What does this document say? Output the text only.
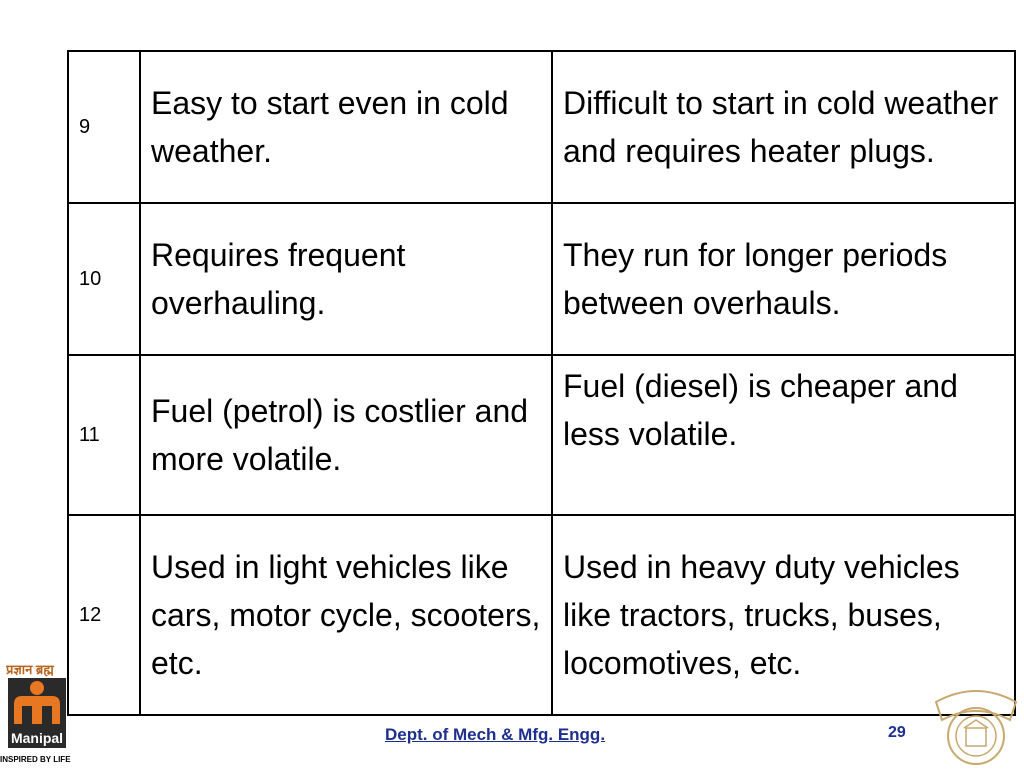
9	Easy to start even in cold weather.	Difficult to start in cold weather and requires heater plugs.
10	Requires frequent overhauling.	They run for longer periods between overhauls.
11	Fuel (petrol) is costlier and more volatile.	Fuel (diesel) is cheaper and less volatile.
12	Used in light vehicles like cars, motor cycle, scooters, etc.	Used in heavy duty vehicles like tractors, trucks, buses, locomotives, etc.
Dept. of Mech & Mfg. Engg.	29
प्रज्ञान ब्रह्म
Manipal
INSPIRED BY LIFE
